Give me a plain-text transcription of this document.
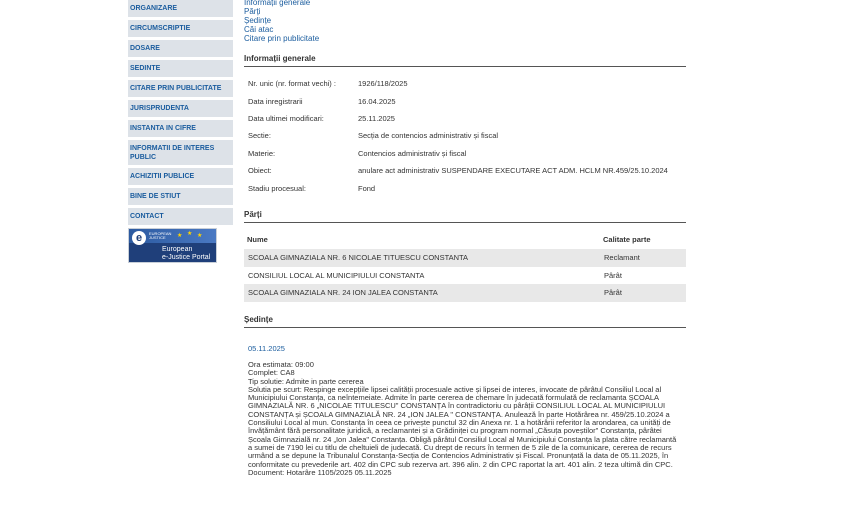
ORGANIZARE
CIRCUMSCRIPTIE
DOSARE
SEDINTE
CITARE PRIN PUBLICITATE
JURISPRUDENTA
INSTANTA IN CIFRE
INFORMATII DE INTERES PUBLIC
ACHIZITII PUBLICE
BINE DE STIUT
CONTACT
e	EUROPEAN
JUSTICE	★ ★ ★
European
e-Justice Portal
Informații generale
Părți
Ședințe
Căi atac
Citare prin publicitate
Informații generale
Nr. unic (nr. format vechi) :	1926/118/2025
Data inregistrarii	16.04.2025
Data ultimei modificari:	25.11.2025
Sectie:	Secția de contencios administrativ și fiscal
Materie:	Contencios administrativ și fiscal
Obiect:	anulare act administrativ SUSPENDARE EXECUTARE ACT ADM. HCLM NR.459/25.10.2024
Stadiu procesual:	Fond
Părți
Nume	Calitate parte
SCOALA GIMNAZIALA NR. 6 NICOLAE TITUESCU CONSTANTA	Reclamant
CONSILIUL LOCAL AL MUNICIPIULUI CONSTANTA	Pârât
SCOALA GIMNAZIALA NR. 24 ION JALEA CONSTANTA	Pârât
Ședințe
05.11.2025
Ora estimata: 09:00
Complet: CA8
Tip solutie: Admite in parte cererea
Solutia pe scurt: Respinge excepțiile lipsei calității procesuale active și lipsei de interes, invocate de pârâtul Consiliul Local al Municipiului Constanța, ca neîntemeiate. Admite în parte cererea de chemare în judecată formulată de reclamanta ȘCOALA GIMNAZIALĂ NR. 6 „NICOLAE TITULESCU" CONSTANȚA în contradictoriu cu pârâții CONSILIUL LOCAL AL MUNICIPIULUI CONSTANȚA și ȘCOALA GIMNAZIALĂ NR. 24 „ION JALEA " CONSTANȚA. Anulează în parte Hotărârea nr. 459/25.10.2024 a Consiliului Local al mun. Constanța în ceea ce privește punctul 32 din Anexa nr. 1 a hotărârii referitor la arondarea, ca unități de învățământ fără personalitate juridică, a reclamantei și a Grădiniței cu program normal „Căsuța poveștilor" Constanța, pârâtei Școala Gimnazială nr. 24 „Ion Jalea" Constanța. Obligă pârâtul Consiliul Local al Municipiului Constanța la plata către reclamantă a sumei de 7190 lei cu titlu de cheltuieli de judecată. Cu drept de recurs în termen de 5 zile de la comunicare, cererea de recurs urmând a se depune la Tribunalul Constanța-Secția de Contencios Administrativ și Fiscal. Pronunțată la data de 05.11.2025, în conformitate cu prevederile art. 402 din CPC sub rezerva art. 396 alin. 2 din CPC raportat la art. 401 alin. 2 teza ultimă din CPC.
Document: Hotarâre 1105/2025 05.11.2025
